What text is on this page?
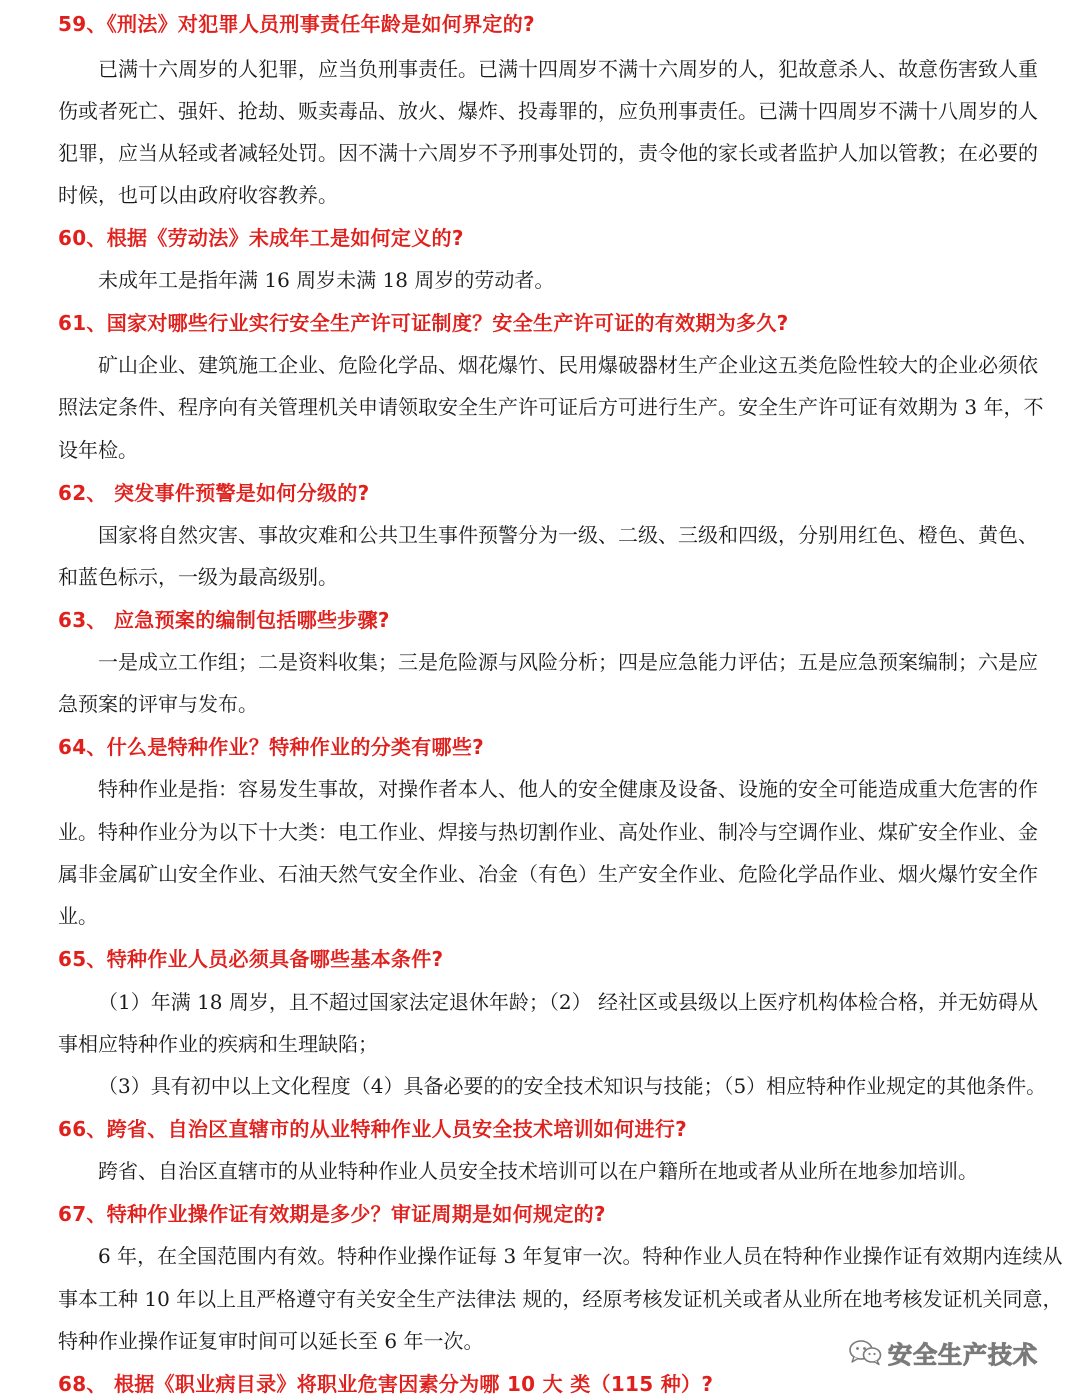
59、《刑法》对犯罪人员刑事责任年龄是如何界定的?
已满十六周岁的人犯罪，应当负刑事责任。已满十四周岁不满十六周岁的人，犯故意杀人、故意伤害致人重
伤或者死亡、强奸、抢劫、贩卖毒品、放火、爆炸、投毒罪的，应负刑事责任。已满十四周岁不满十八周岁的人
犯罪，应当从轻或者减轻处罚。因不满十六周岁不予刑事处罚的，责令他的家长或者监护人加以管教；在必要的
时候，也可以由政府收容教养。
60、根据《劳动法》未成年工是如何定义的?
未成年工是指年满 16 周岁未满 18 周岁的劳动者。
61、国家对哪些行业实行安全生产许可证制度？安全生产许可证的有效期为多久?
矿山企业、建筑施工企业、危险化学品、烟花爆竹、民用爆破器材生产企业这五类危险性较大的企业必须依
照法定条件、程序向有关管理机关申请领取安全生产许可证后方可进行生产。安全生产许可证有效期为 3 年，不
设年检。
62、 突发事件预警是如何分级的?
国家将自然灾害、事故灾难和公共卫生事件预警分为一级、二级、三级和四级，分别用红色、橙色、黄色、
和蓝色标示，一级为最高级别。
63、 应急预案的编制包括哪些步骤?
一是成立工作组；二是资料收集；三是危险源与风险分析；四是应急能力评估；五是应急预案编制；六是应
急预案的评审与发布。
64、什么是特种作业？特种作业的分类有哪些?
特种作业是指：容易发生事故，对操作者本人、他人的安全健康及设备、设施的安全可能造成重大危害的作
业。特种作业分为以下十大类：电工作业、焊接与热切割作业、高处作业、制冷与空调作业、煤矿安全作业、金
属非金属矿山安全作业、石油天然气安全作业、冶金（有色）生产安全作业、危险化学品作业、烟火爆竹安全作
业。
65、特种作业人员必须具备哪些基本条件?
（1）年满 18 周岁，且不超过国家法定退休年龄；（2） 经社区或县级以上医疗机构体检合格，并无妨碍从
事相应特种作业的疾病和生理缺陷；
（3）具有初中以上文化程度（4）具备必要的的安全技术知识与技能；（5）相应特种作业规定的其他条件。
66、跨省、自治区直辖市的从业特种作业人员安全技术培训如何进行?
跨省、自治区直辖市的从业特种作业人员安全技术培训可以在户籍所在地或者从业所在地参加培训。
67、特种作业操作证有效期是多少？审证周期是如何规定的?
6 年，在全国范围内有效。特种作业操作证每 3 年复审一次。特种作业人员在特种作业操作证有效期内连续从
事本工种 10 年以上且严格遵守有关安全生产法律法 规的，经原考核发证机关或者从业所在地考核发证机关同意，
特种作业操作证复审时间可以延长至 6 年一次。
68、 根据《职业病目录》将职业危害因素分为哪 10 大 类（115 种）?
安全生产技术
